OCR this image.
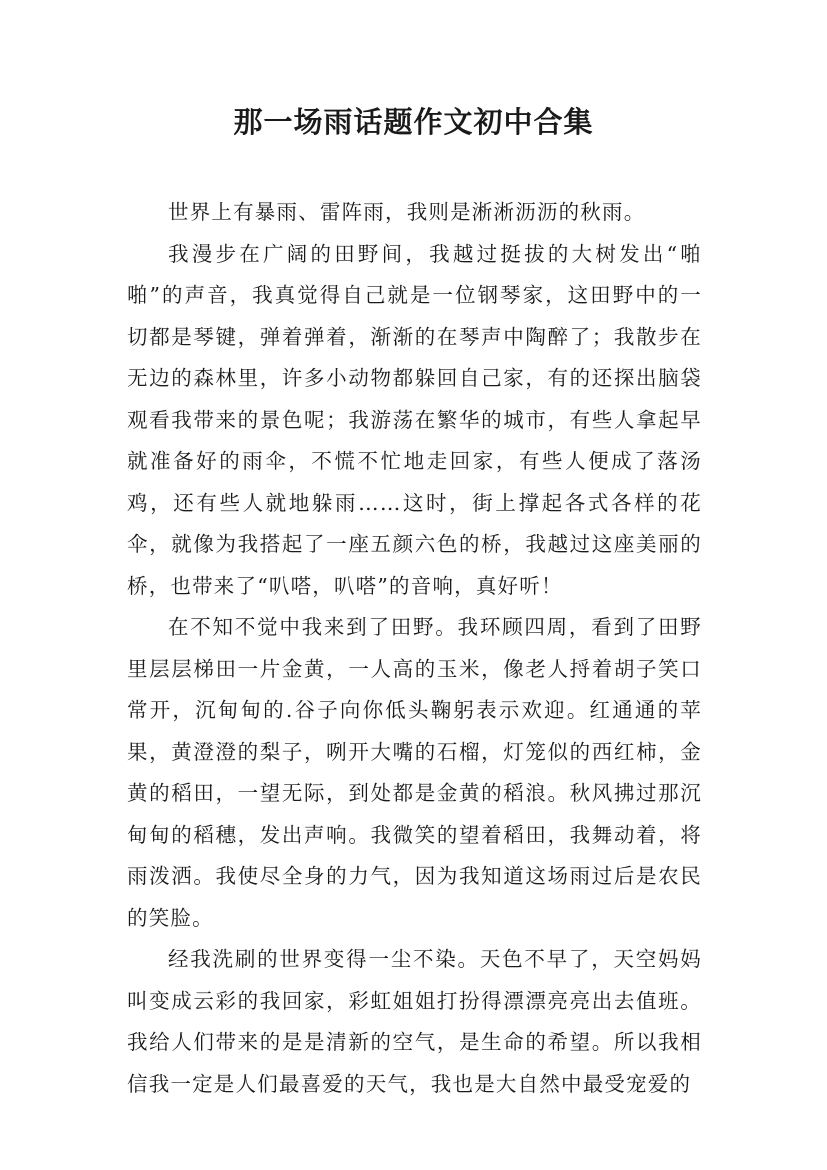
那一场雨话题作文初中合集

世界上有暴雨、雷阵雨，我则是淅淅沥沥的秋雨。

我漫步在广阔的田野间，我越过挺拔的大树发出“啪啪”的声音，我真觉得自己就是一位钢琴家，这田野中的一切都是琴键，弹着弹着，渐渐的在琴声中陶醉了；我散步在无边的森林里，许多小动物都躲回自己家，有的还探出脑袋观看我带来的景色呢；我游荡在繁华的城市，有些人拿起早就准备好的雨伞，不慌不忙地走回家，有些人便成了落汤鸡，还有些人就地躲雨……这时，街上撑起各式各样的花伞，就像为我搭起了一座五颜六色的桥，我越过这座美丽的桥，也带来了“叭嗒，叭嗒”的音响，真好听！

在不知不觉中我来到了田野。我环顾四周，看到了田野里层层梯田一片金黄，一人高的玉米，像老人捋着胡子笑口常开，沉甸甸的.谷子向你低头鞠躬表示欢迎。红通通的苹果，黄澄澄的梨子，咧开大嘴的石榴，灯笼似的西红柿，金黄的稻田，一望无际，到处都是金黄的稻浪。秋风拂过那沉甸甸的稻穗，发出声响。我微笑的望着稻田，我舞动着，将雨泼洒。我使尽全身的力气，因为我知道这场雨过后是农民的笑脸。

经我洗刷的世界变得一尘不染。天色不早了，天空妈妈叫变成云彩的我回家，彩虹姐姐打扮得漂漂亮亮出去值班。我给人们带来的是是清新的空气，是生命的希望。所以我相信我一定是人们最喜爱的天气，我也是大自然中最受宠爱的
